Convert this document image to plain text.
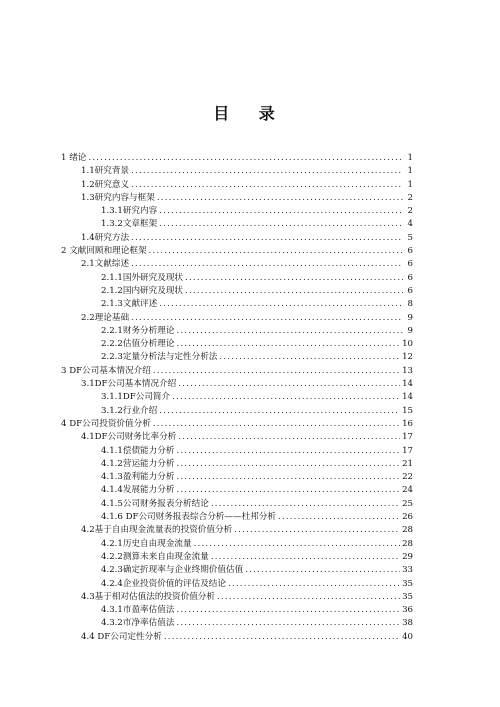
目 录
1 绪论 .....	1
1.1研究背景 .....	1
1.2研究意义 .....	1
1.3研究内容与框架 .....	2
1.3.1研究内容 .....	2
1.3.2文章框架 .....	4
1.4研究方法 .....	5
2 文献回顾和理论框架 .....	6
2.1文献综述 .....	6
2.1.1国外研究及现状 .....	6
2.1.2国内研究及现状 .....	6
2.1.3文献评述 .....	8
2.2理论基础 .....	9
2.2.1财务分析理论 .....	9
2.2.2估值分析理论 .....	10
2.2.3定量分析法与定性分析法 .....	12
3 DF公司基本情况介绍 .....	13
3.1DF公司基本情况介绍 .....	14
3.1.1DF公司简介 .....	14
3.1.2行业介绍 .....	15
4 DF公司投资价值分析 .....	16
4.1DF公司财务比率分析 .....	17
4.1.1偿债能力分析 .....	17
4.1.2营运能力分析 .....	21
4.1.3盈利能力分析 .....	22
4.1.4发展能力分析 .....	24
4.1.5公司财务报表分析结论 .....	25
4.1.6 DF公司财务报表综合分析——杜邦分析 .....	26
4.2基于自由现金流量表的投资价值分析 .....	28
4.2.1历史自由现金流量 .....	28
4.2.2测算未来自由现金流量 .....	29
4.2.3确定折现率与企业终期价值估值 .....	33
4.2.4企业投资价值的评估及结论 .....	35
4.3基于相对估值法的投资价值分析 .....	35
4.3.1市盈率估值法 .....	36
4.3.2市净率估值法 .....	38
4.4 DF公司定性分析 .....	40
